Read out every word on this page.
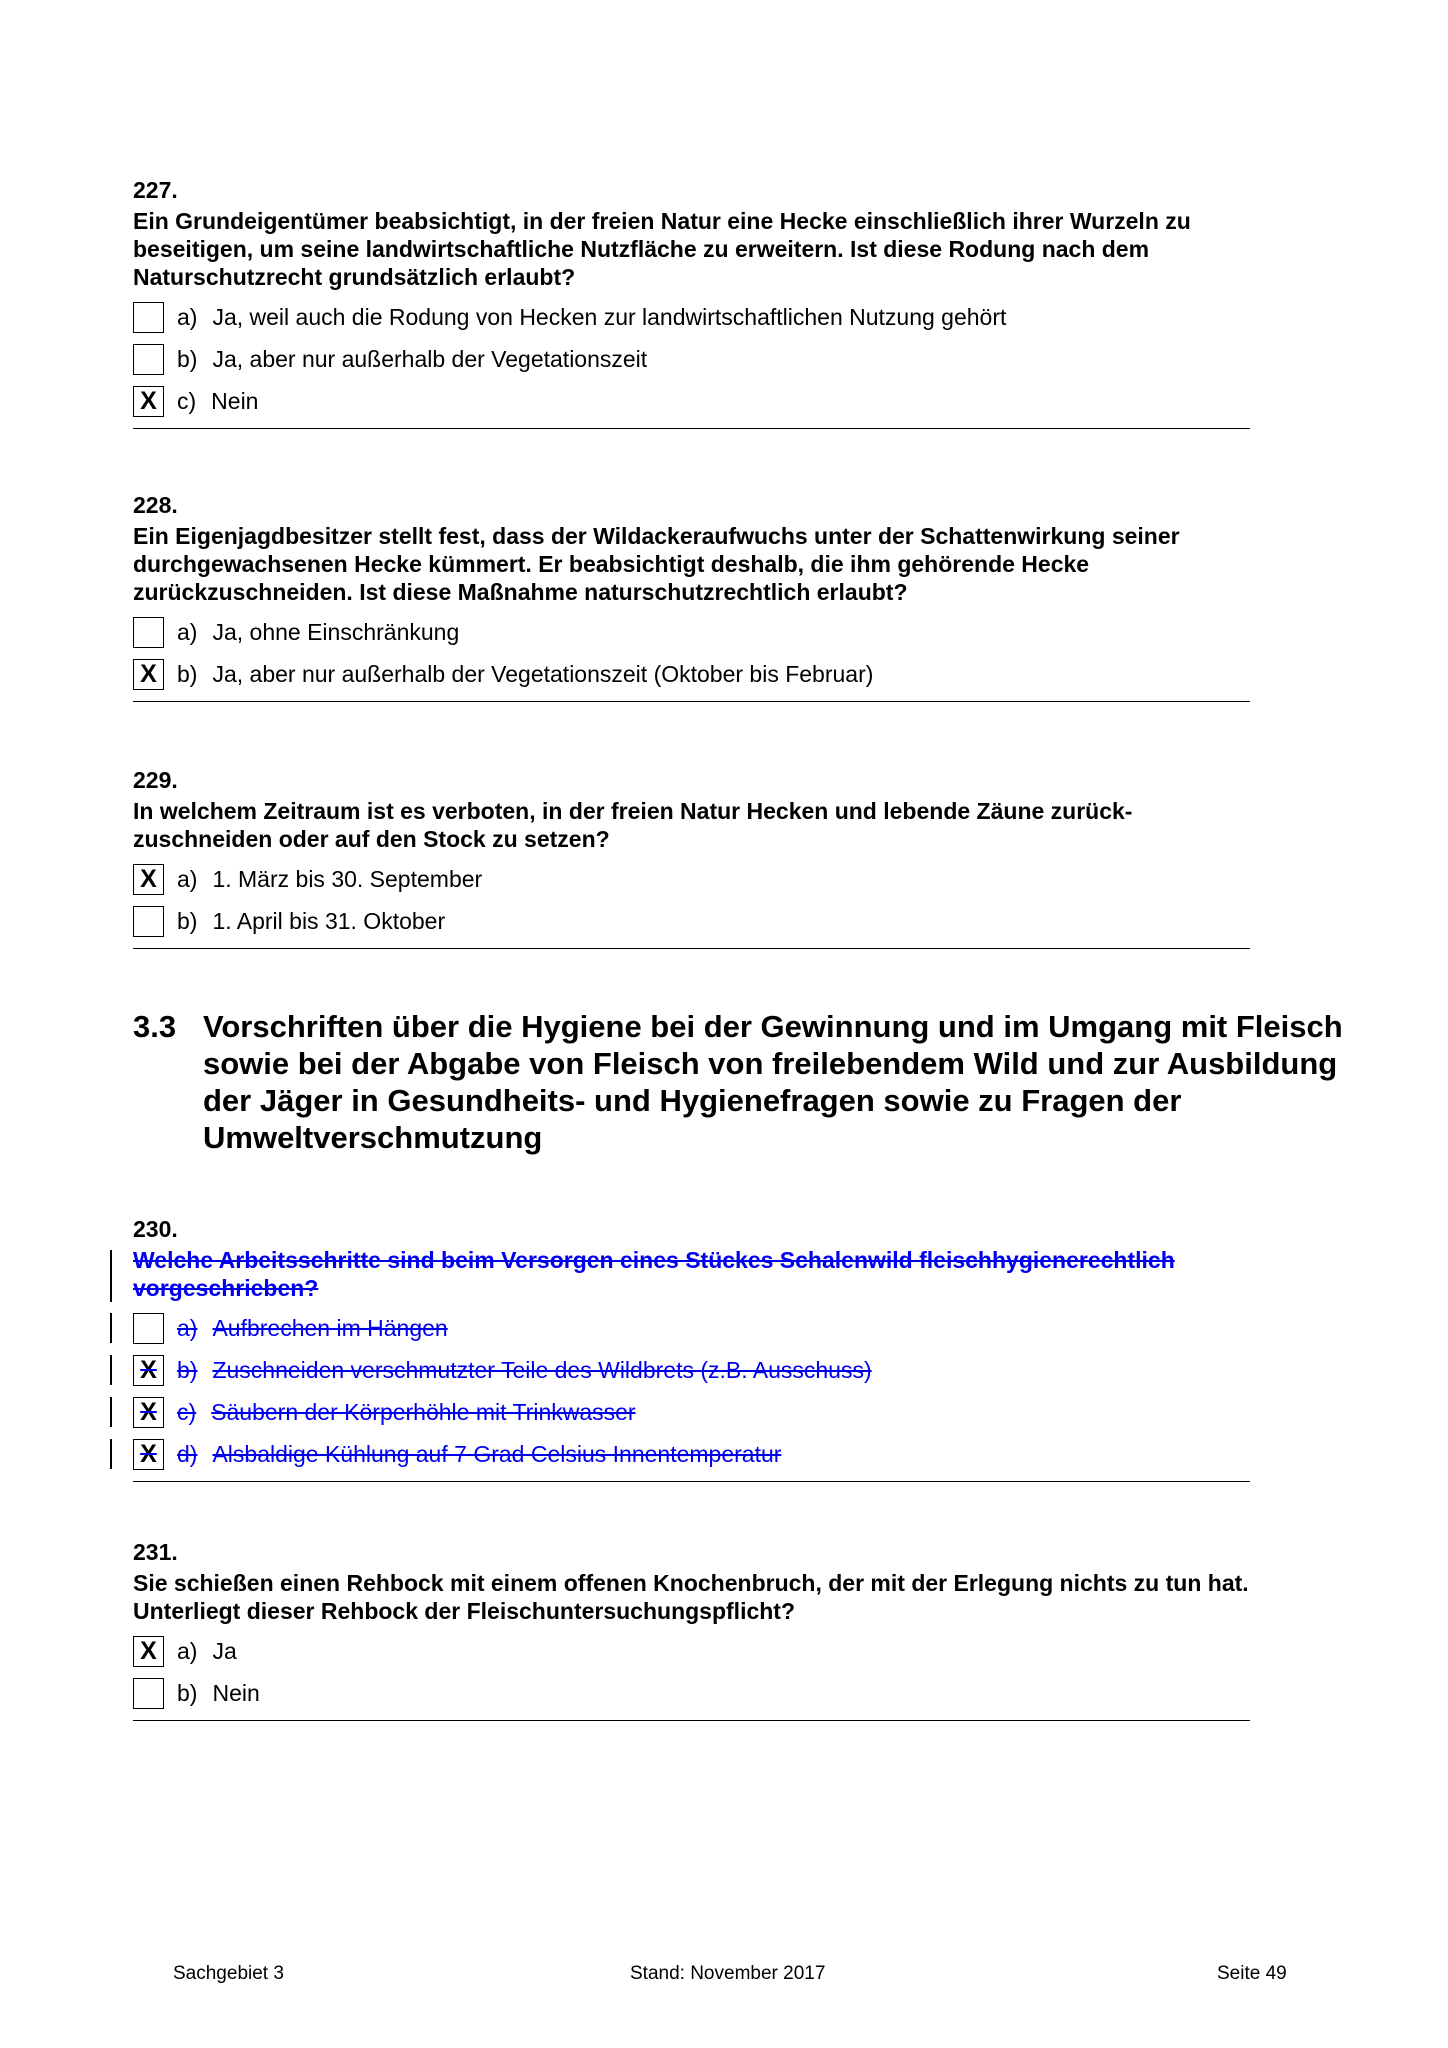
227.
Ein Grundeigentümer beabsichtigt, in der freien Natur eine Hecke einschließlich ihrer Wurzeln zu beseitigen, um seine landwirtschaftliche Nutzfläche zu erweitern. Ist diese Rodung nach dem Naturschutzrecht grundsätzlich erlaubt?
a) Ja, weil auch die Rodung von Hecken zur landwirtschaftlichen Nutzung gehört
b) Ja, aber nur außerhalb der Vegetationszeit
X c) Nein
228.
Ein Eigenjagdbesitzer stellt fest, dass der Wildackeraufwuchs unter der Schattenwirkung seiner durchgewachsenen Hecke kümmert. Er beabsichtigt deshalb, die ihm gehörende Hecke zurückzuschneiden. Ist diese Maßnahme naturschutzrechtlich erlaubt?
a) Ja, ohne Einschränkung
X b) Ja, aber nur außerhalb der Vegetationszeit (Oktober bis Februar)
229.
In welchem Zeitraum ist es verboten, in der freien Natur Hecken und lebende Zäune zurück-zuschneiden oder auf den Stock zu setzen?
X a) 1. März bis 30. September
b) 1. April bis 31. Oktober
3.3 Vorschriften über die Hygiene bei der Gewinnung und im Umgang mit Fleisch sowie bei der Abgabe von Fleisch von freilebendem Wild und zur Ausbildung der Jäger in Gesundheits- und Hygienefragen sowie zu Fragen der Umweltverschmutzung
230.
Welche Arbeitsschritte sind beim Versorgen eines Stückes Schalenwild fleischhygienerechtlich vorgeschrieben?
a) Aufbrechen im Hängen
X b) Zuschneiden verschmutzter Teile des Wildbrets (z.B. Ausschuss)
X c) Säubern der Körperhöhle mit Trinkwasser
X d) Alsbaldige Kühlung auf 7 Grad Celsius Innentemperatur
231.
Sie schießen einen Rehbock mit einem offenen Knochenbruch, der mit der Erlegung nichts zu tun hat. Unterliegt dieser Rehbock der Fleischuntersuchungspflicht?
X a) Ja
b) Nein
Sachgebiet 3	Stand: November 2017	Seite 49
